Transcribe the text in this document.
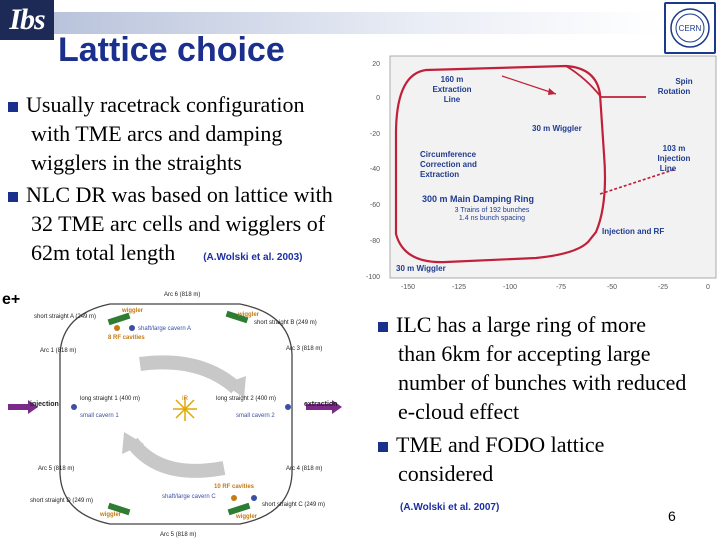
Ibs
Lattice choice
CERN
Usually racetrack configuration
with TME arcs and damping
wigglers in the straights
NLC DR was based on lattice with
32 TME arc cells and wigglers of
62m total length	(A.Wolski et al. 2003)
ILC has a large ring of more
than 6km for accepting large
number of bunches with reduced
e-cloud effect
TME and FODO lattice
considered
(A.Wolski et al. 2007)
6
20
0
-20
-40
-60
-80
-100
-150	-125	-100	-75	-50	-25	0
160 m
Extraction
Line
Spin
Rotation
30 m Wiggler
Circumference
Correction and
Extraction
103 m
Injection
Line
300 m Main Damping Ring
Injection and RF
30 m Wiggler
3 Trains of 192 bunches
1.4 ns bunch spacing
e+
IR
Arc 6 (818 m)
short straight A (249 m)
short straight B (249 m)
Arc 1 (818 m)	Arc 3 (818 m)
long straight 1 (400 m)	long straight 2 (400 m)
Arc 5 (818 m)	Arc 4 (818 m)
short straight D (249 m)
short straight C (249 m)
Arc 5 (818 m)
shaft/large cavern A
small cavern 1	small cavern 2
shaft/large cavern C
wiggler
wiggler
8 RF cavities
10 RF cavities
wiggler	wiggler
injection	extraction
